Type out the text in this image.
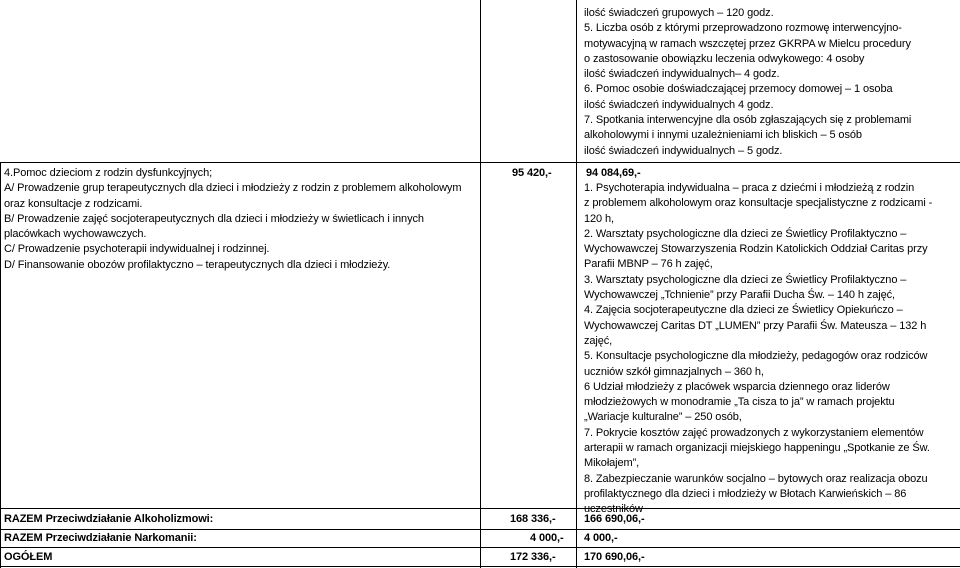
ilość świadczeń grupowych – 120 godz.
5. Liczba osób z którymi przeprowadzono rozmowę interwencyjno-
motywacyjną w ramach wszczętej przez GKRPA w Mielcu procedury
o zastosowanie obowiązku leczenia odwykowego: 4 osoby
ilość świadczeń indywidualnych– 4 godz.
6. Pomoc osobie doświadczającej przemocy domowej – 1 osoba
ilość świadczeń indywidualnych 4 godz.
7. Spotkania interwencyjne dla osób zgłaszających się z problemami
alkoholowymi i innymi uzależnieniami ich bliskich – 5 osób
ilość świadczeń indywidualnych – 5 godz.
4.Pomoc dzieciom z rodzin dysfunkcyjnych;
A/ Prowadzenie grup terapeutycznych dla dzieci i młodzieży z rodzin z problemem alkoholowym
oraz konsultacje z rodzicami.
B/ Prowadzenie zajęć socjoterapeutycznych dla dzieci i młodzieży w świetlicach i innych
placówkach wychowawczych.
C/ Prowadzenie psychoterapii indywidualnej i rodzinnej.
D/ Finansowanie obozów profilaktyczno – terapeutycznych dla dzieci i młodzieży.
95 420,-	94 084,69,-
1. Psychoterapia indywidualna – praca z dziećmi i młodzieżą z rodzin
z problemem alkoholowym oraz konsultacje specjalistyczne z rodzicami -
120 h,
2. Warsztaty psychologiczne dla dzieci ze Świetlicy Profilaktyczno –
Wychowawczej Stowarzyszenia Rodzin Katolickich Oddział Caritas przy
Parafii MBNP – 76 h zajęć,
3. Warsztaty psychologiczne dla dzieci ze Świetlicy Profilaktyczno –
Wychowawczej „Tchnienie” przy Parafii Ducha Św. – 140 h zajęć,
4. Zajęcia socjoterapeutyczne dla dzieci ze Świetlicy Opiekuńczo –
Wychowawczej Caritas DT „LUMEN” przy Parafii Św. Mateusza – 132 h
zajęć,
5. Konsultacje psychologiczne dla młodzieży, pedagogów oraz rodziców
uczniów szkół gimnazjalnych – 360 h,
6 Udział młodzieży z placówek wsparcia dziennego oraz liderów
młodzieżowych w monodramie „Ta cisza to ja” w ramach projektu
„Wariacje kulturalne” – 250 osób,
7. Pokrycie kosztów zajęć prowadzonych z wykorzystaniem elementów
arterapii w ramach organizacji miejskiego happeningu „Spotkanie ze Św.
Mikołajem”,
8. Zabezpieczanie warunków socjalno – bytowych oraz realizacja obozu
profilaktycznego dla dzieci i młodzieży w Błotach Karwieńskich – 86
uczestników
RAZEM Przeciwdziałanie Alkoholizmowi:	168 336,-	166 690,06,-
RAZEM Przeciwdziałanie Narkomanii:	4 000,- 4 000,-
OGÓŁEM	172 336,-	170 690,06,-
